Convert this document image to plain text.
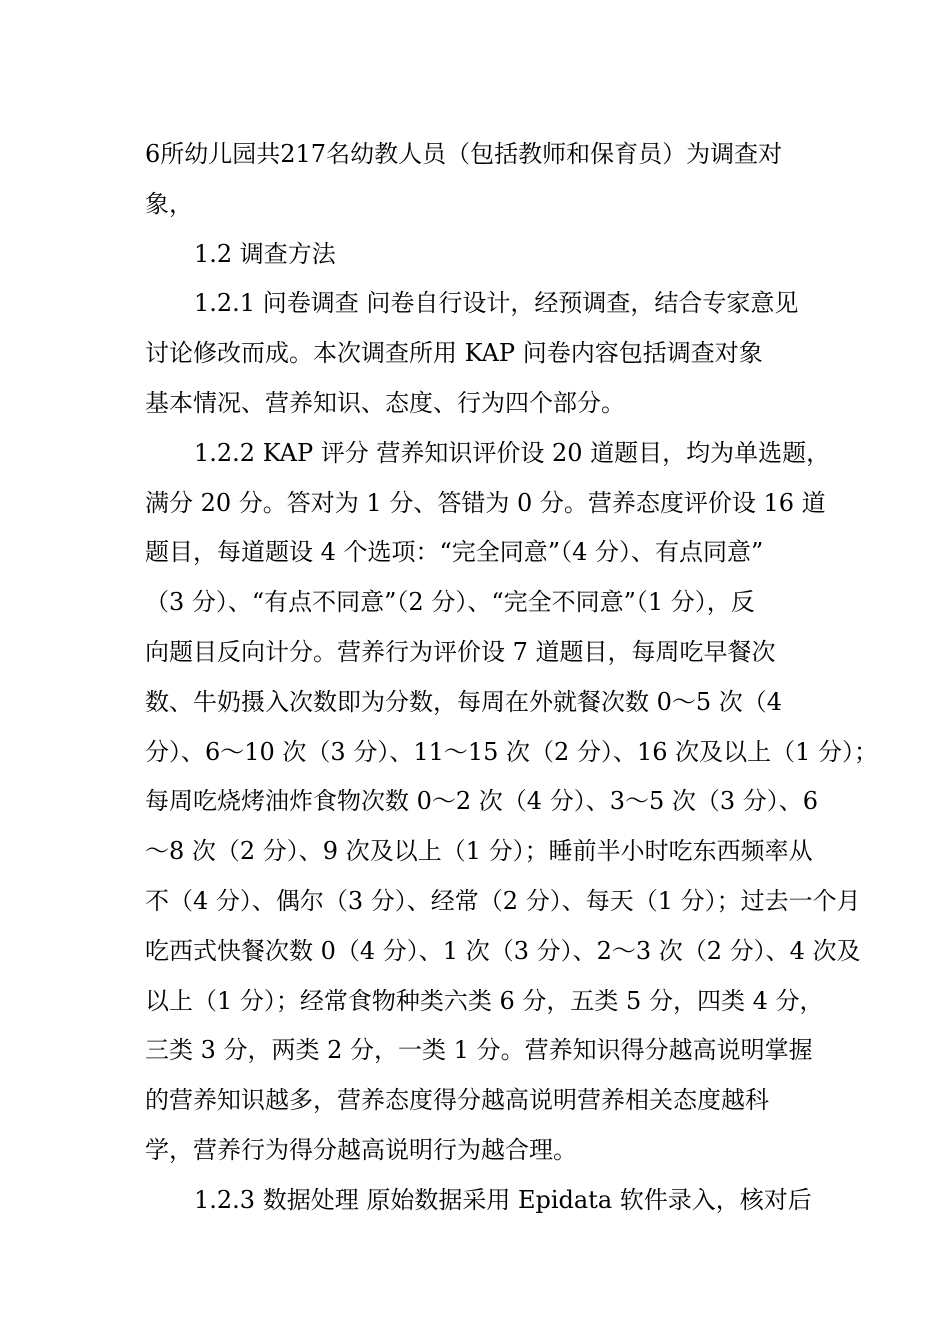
6所幼儿园共217名幼教人员（包括教师和保育员）为调查对
象，
1.2 调查方法
1.2.1 问卷调查 问卷自行设计，经预调查，结合专家意见
讨论修改而成。本次调查所用 KAP 问卷内容包括调查对象
基本情况、营养知识、态度、行为四个部分。
1.2.2 KAP 评分 营养知识评价设 20 道题目，均为单选题，
满分 20 分。答对为 1 分、答错为 0 分。营养态度评价设 16 道
题目，每道题设 4 个选项：“完全同意”（4 分）、有点同意”
（3 分）、“有点不同意”（2 分）、“完全不同意”（1 分），反
向题目反向计分。营养行为评价设 7 道题目，每周吃早餐次
数、牛奶摄入次数即为分数，每周在外就餐次数 0～5 次（4
分）、6～10 次（3 分）、11～15 次（2 分）、16 次及以上（1 分）；
每周吃烧烤油炸食物次数 0～2 次（4 分）、3～5 次（3 分）、6
～8 次（2 分）、9 次及以上（1 分）；睡前半小时吃东西频率从
不（4 分）、偶尔（3 分）、经常（2 分）、每天（1 分）；过去一个月
吃西式快餐次数 0（4 分）、1 次（3 分）、2～3 次（2 分）、4 次及
以上（1 分）；经常食物种类六类 6 分，五类 5 分，四类 4 分，
三类 3 分，两类 2 分，一类 1 分。营养知识得分越高说明掌握
的营养知识越多，营养态度得分越高说明营养相关态度越科
学，营养行为得分越高说明行为越合理。
1.2.3 数据处理 原始数据采用 Epidata 软件录入，核对后
